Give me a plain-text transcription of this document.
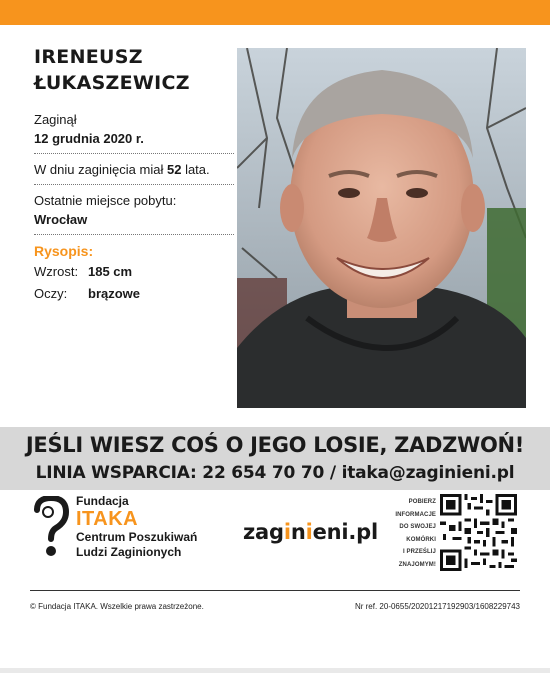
IRENEUSZ
ŁUKASZEWICZ
Zaginął
12 grudnia 2020 r.
W dniu zaginięcia miał 52 lata.
Ostatnie miejsce pobytu:
Wrocław
Rysopis:
Wzrost: 185 cm
Oczy:	brązowe
JEŚLI WIESZ COŚ O JEGO LOSIE, ZADZWOŃ!
LINIA WSPARCIA: 22 654 70 70 / itaka@zaginieni.pl
Fundacja
ITAKA
Centrum Poszukiwań
Ludzi Zaginionych
zaginieni.pl
POBIERZ
INFORMACJE
DO SWOJEJ
KOMÓRKI
I PRZEŚLIJ
ZNAJOMYM!
© Fundacja ITAKA. Wszelkie prawa zastrzeżone.	Nr ref. 20-0655/20201217192903/1608229743
